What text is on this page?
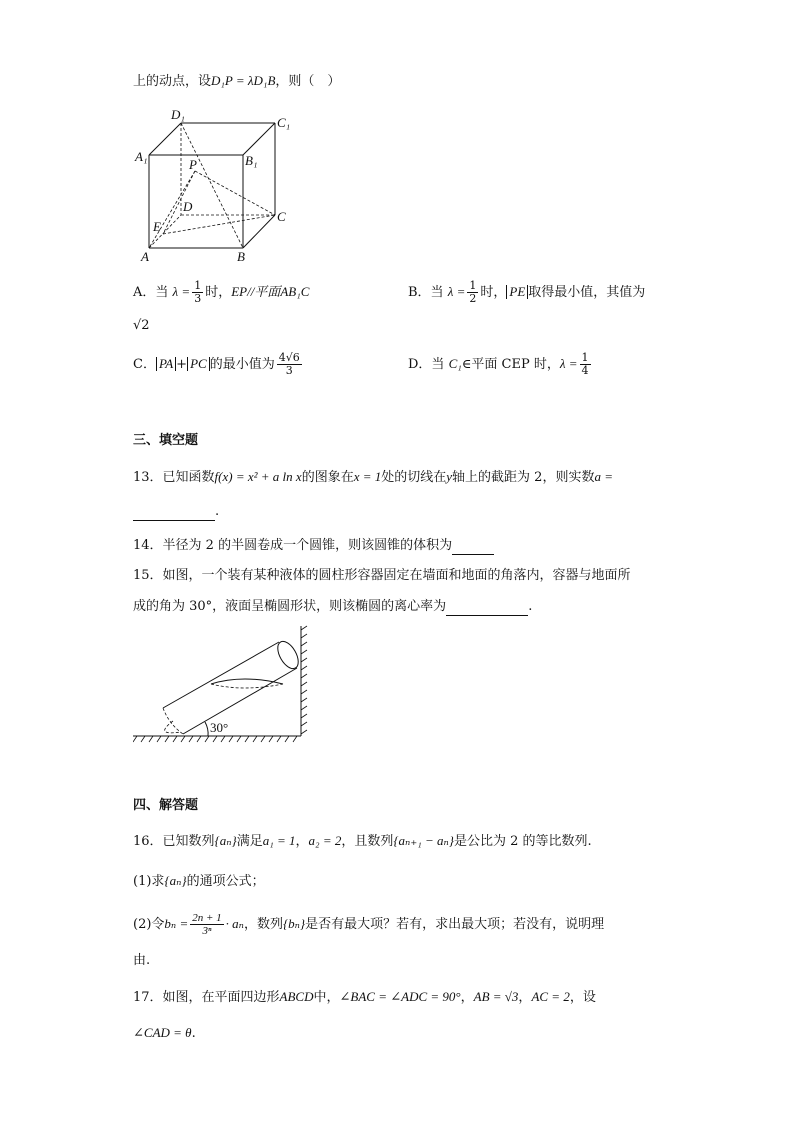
上的动点，设D₁P = λD₁B，则（　）
D₁
C₁
A₁	B₁
P
D
C
E
A	B
A．当 $\lambda = \frac{1}{3}$ 时，EP//平面AB₁C	B．当 $\lambda = \frac{1}{2}$ 时， PE 取得最小值，其值为
√2
C． PA + PC 的最小值为 $\frac{4√6}{3}$	D．当 C₁∈平面 CEP 时，$\lambda = \frac{1}{4}$
三、填空题
13．已知函数f(x) = x² + a ln x的图象在x = 1处的切线在y轴上的截距为 2，则实数a =
.
14．半径为 2 的半圆卷成一个圆锥，则该圆锥的体积为
15．如图，一个装有某种液体的圆柱形容器固定在墙面和地面的角落内，容器与地面所
成的角为 30°，液面呈椭圆形状，则该椭圆的离心率为	.
30°
四、解答题
16．已知数列{aₙ}满足a₁ = 1，a₂ = 2，且数列{aₙ₊₁ − aₙ}是公比为 2 的等比数列.
(1)求{aₙ}的通项公式；
(2)令$b_n = \frac{2n + 1}{\text{3ⁿ}} \cdot a_n$，数列{bₙ}是否有最大项？若有，求出最大项；若没有，说明理
由.
17．如图，在平面四边形ABCD中，∠BAC = ∠ADC = 90°，AB = √3，AC = 2，设
∠CAD = θ.
